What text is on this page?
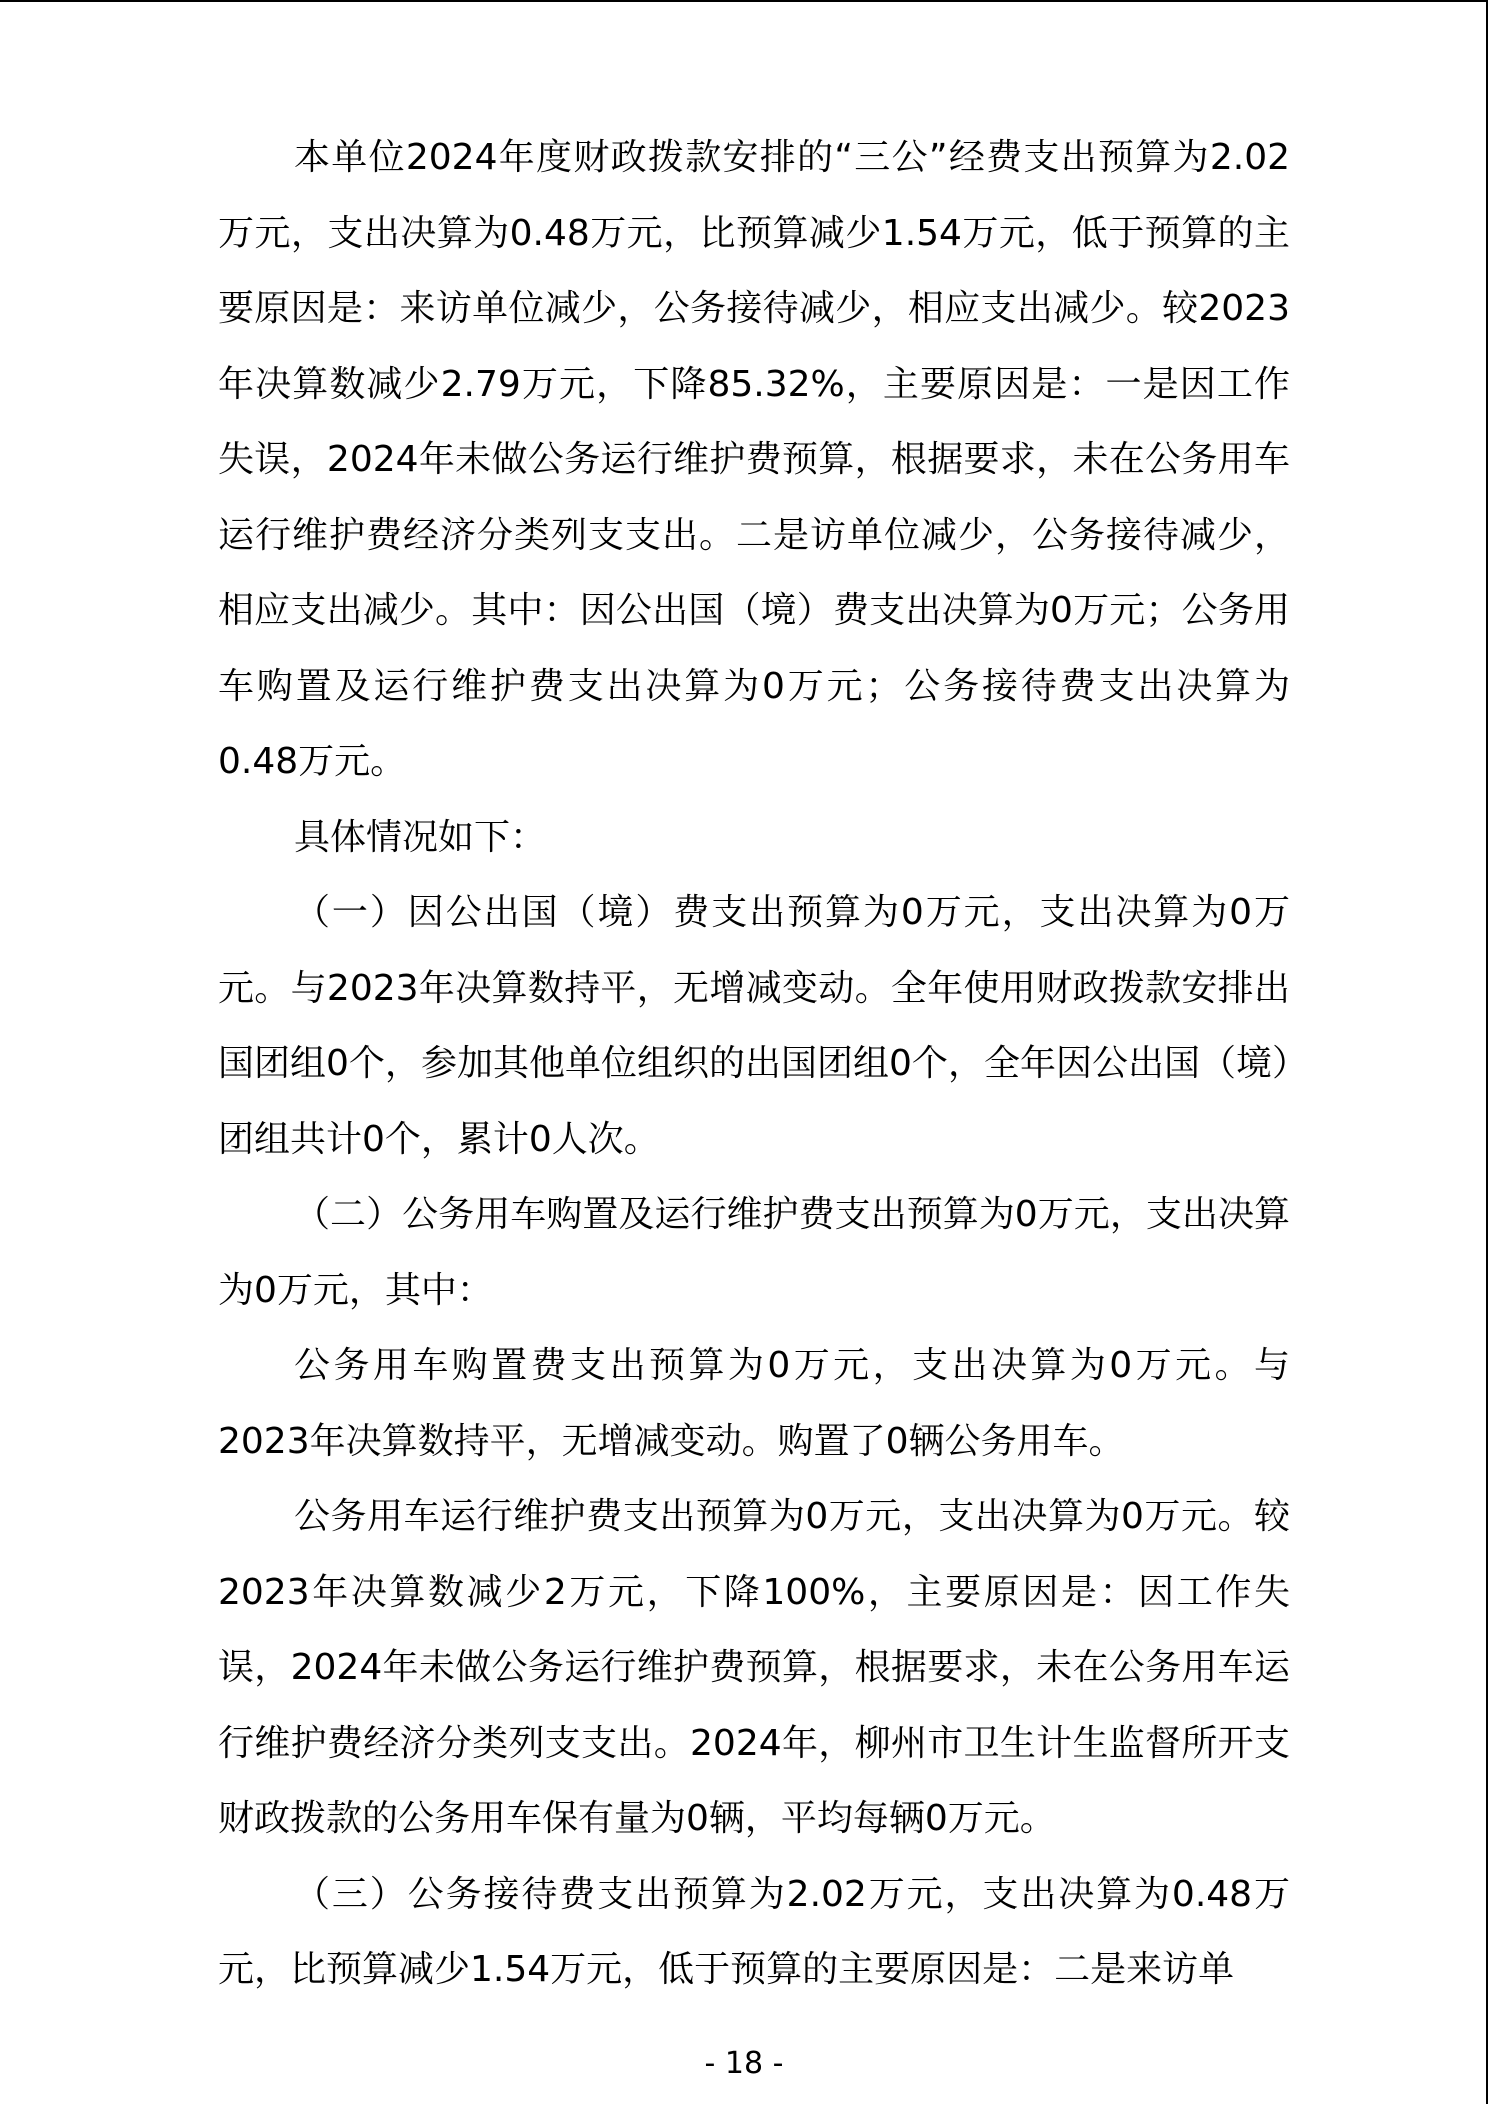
本单位2024年度财政拨款安排的“三公”经费支出预算为2.02万元，支出决算为0.48万元，比预算减少1.54万元，低于预算的主要原因是：来访单位减少，公务接待减少，相应支出减少。较2023年决算数减少2.79万元，下降85.32%，主要原因是：一是因工作失误，2024年未做公务运行维护费预算，根据要求，未在公务用车运行维护费经济分类列支支出。二是访单位减少，公务接待减少，相应支出减少。其中：因公出国（境）费支出决算为0万元；公务用车购置及运行维护费支出决算为0万元；公务接待费支出决算为0.48万元。

具体情况如下：

（一）因公出国（境）费支出预算为0万元，支出决算为0万元。与2023年决算数持平，无增减变动。全年使用财政拨款安排出国团组0个，参加其他单位组织的出国团组0个，全年因公出国（境）团组共计0个，累计0人次。

（二）公务用车购置及运行维护费支出预算为0万元，支出决算为0万元，其中：

公务用车购置费支出预算为0万元，支出决算为0万元。与2023年决算数持平，无增减变动。购置了0辆公务用车。

公务用车运行维护费支出预算为0万元，支出决算为0万元。较2023年决算数减少2万元，下降100%，主要原因是：因工作失误，2024年未做公务运行维护费预算，根据要求，未在公务用车运行维护费经济分类列支支出。2024年，柳州市卫生计生监督所开支财政拨款的公务用车保有量为0辆，平均每辆0万元。

（三）公务接待费支出预算为2.02万元，支出决算为0.48万元，比预算减少1.54万元，低于预算的主要原因是：二是来访单

- 18 -
